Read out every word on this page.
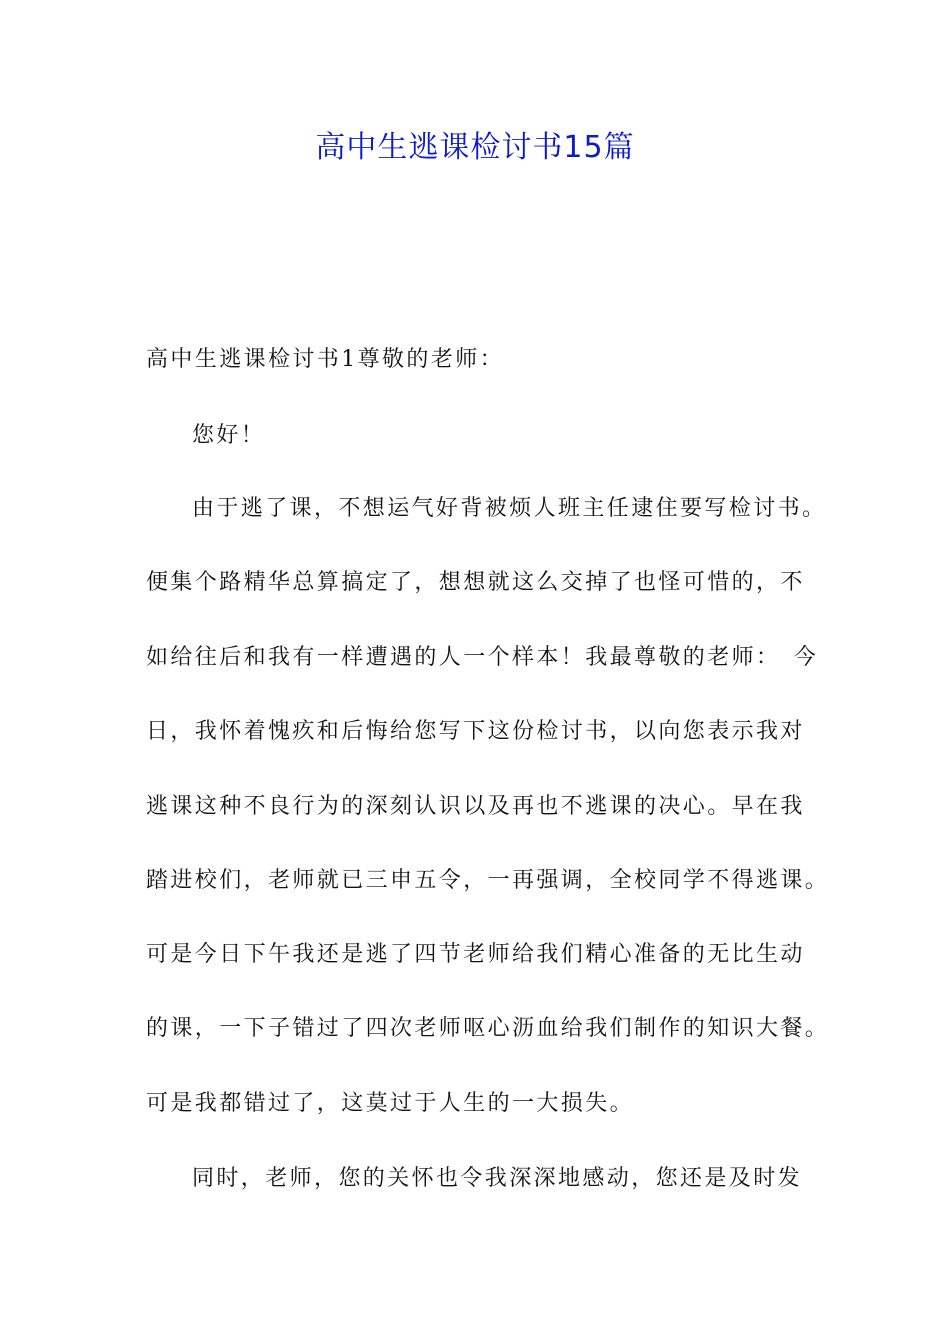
高中生逃课检讨书15篇
高中生逃课检讨书1尊敬的老师：
您好！
由于逃了课，不想运气好背被烦人班主任逮住要写检讨书。
便集个路精华总算搞定了，想想就这么交掉了也怪可惜的，不
如给往后和我有一样遭遇的人一个样本！我最尊敬的老师：　今
日，我怀着愧疚和后悔给您写下这份检讨书，以向您表示我对
逃课这种不良行为的深刻认识以及再也不逃课的决心。早在我
踏进校们，老师就已三申五令，一再强调，全校同学不得逃课。
可是今日下午我还是逃了四节老师给我们精心准备的无比生动
的课，一下子错过了四次老师呕心沥血给我们制作的知识大餐。
可是我都错过了，这莫过于人生的一大损失。
同时，老师，您的关怀也令我深深地感动，您还是及时发
